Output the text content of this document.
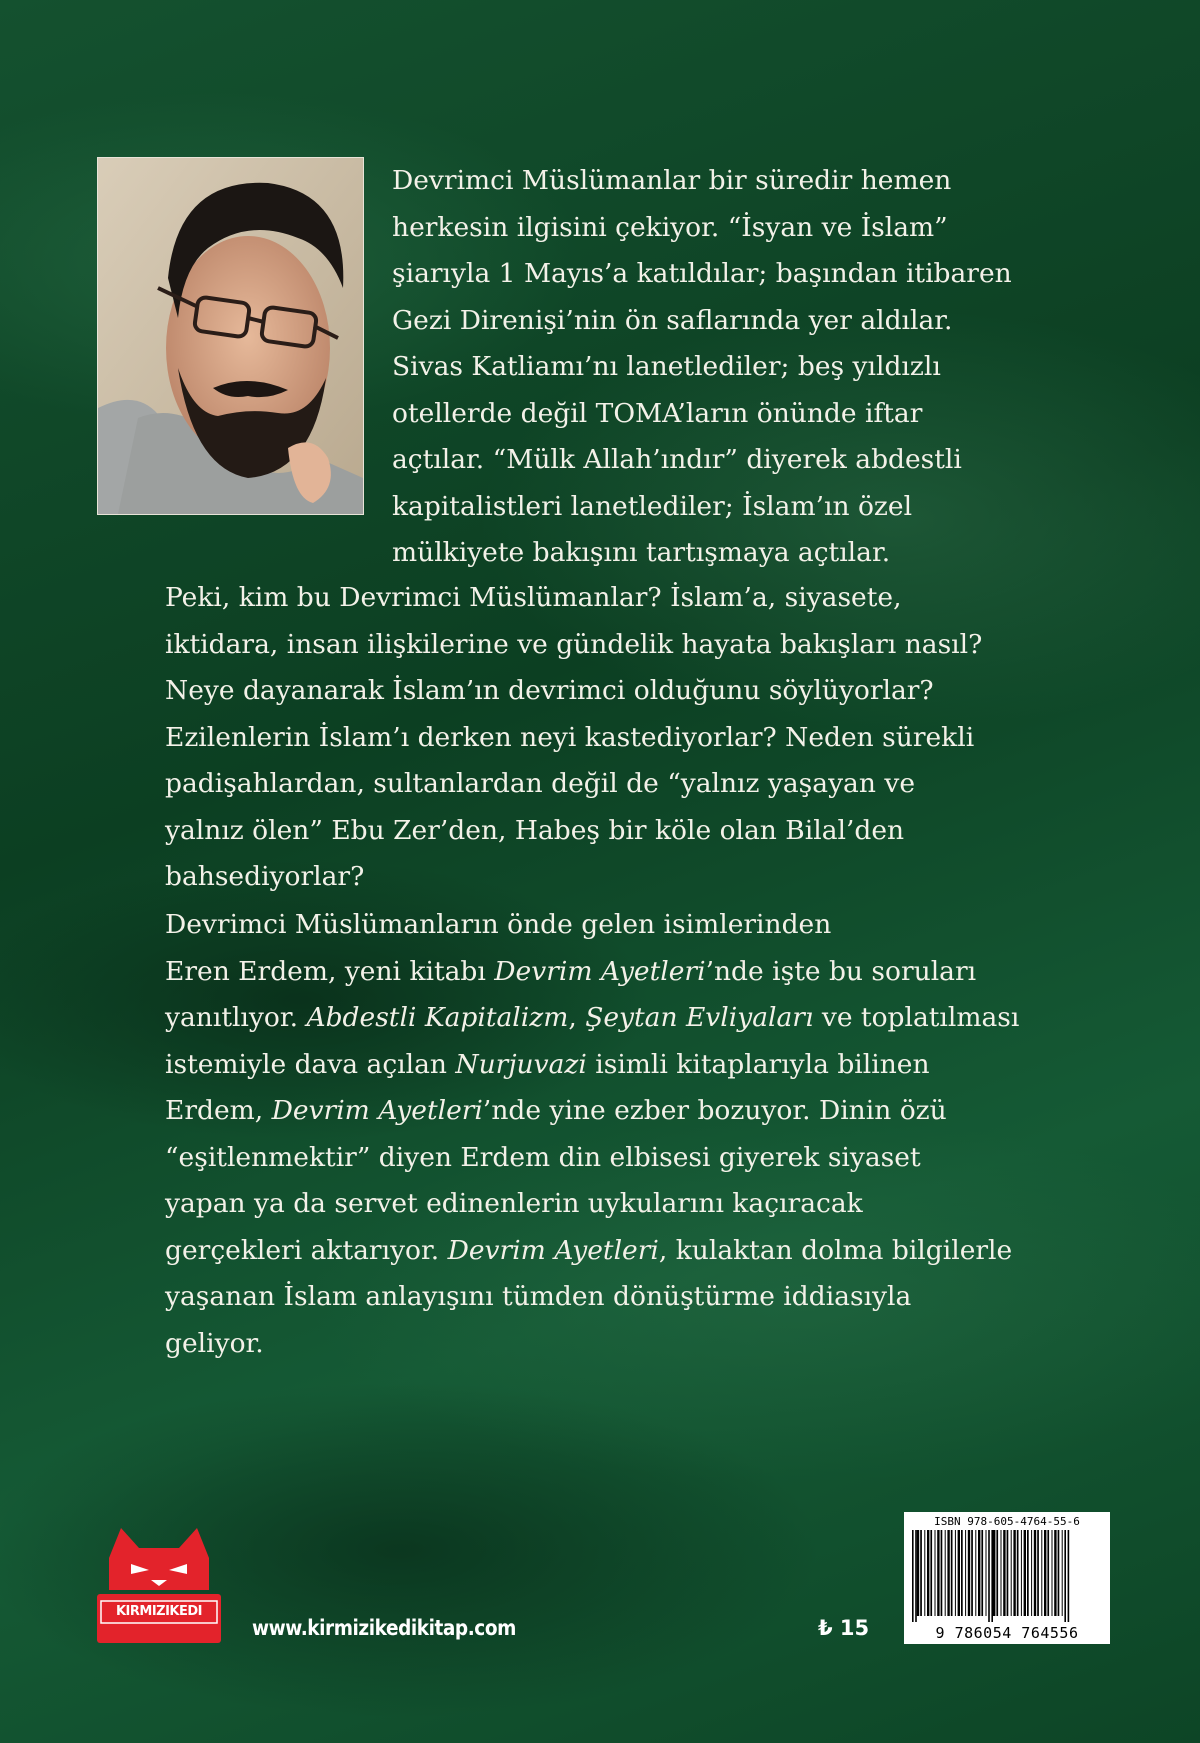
Devrimci Müslümanlar bir süredir hemen
herkesin ilgisini çekiyor. “İsyan ve İslam”
şiarıyla 1 Mayıs’a katıldılar; başından itibaren
Gezi Direnişi’nin ön saflarında yer aldılar.
Sivas Katliamı’nı lanetlediler; beş yıldızlı
otellerde değil TOMA’ların önünde iftar
açtılar. “Mülk Allah’ındır” diyerek abdestli
kapitalistleri lanetlediler; İslam’ın özel
mülkiyete bakışını tartışmaya açtılar.
Peki, kim bu Devrimci Müslümanlar? İslam’a, siyasete,
iktidara, insan ilişkilerine ve gündelik hayata bakışları nasıl?
Neye dayanarak İslam’ın devrimci olduğunu söylüyorlar?
Ezilenlerin İslam’ı derken neyi kastediyorlar? Neden sürekli
padişahlardan, sultanlardan değil de “yalnız yaşayan ve
yalnız ölen” Ebu Zer’den, Habeş bir köle olan Bilal’den
bahsediyorlar?
Devrimci Müslümanların önde gelen isimlerinden
Eren Erdem, yeni kitabı Devrim Ayetleri’nde işte bu soruları
yanıtlıyor. Abdestli Kapitalizm, Şeytan Evliyaları ve toplatılması
istemiyle dava açılan Nurjuvazi isimli kitaplarıyla bilinen
Erdem, Devrim Ayetleri’nde yine ezber bozuyor. Dinin özü
“eşitlenmektir” diyen Erdem din elbisesi giyerek siyaset
yapan ya da servet edinenlerin uykularını kaçıracak
gerçekleri aktarıyor. Devrim Ayetleri, kulaktan dolma bilgilerle
yaşanan İslam anlayışını tümden dönüştürme iddiasıyla
geliyor.
KIRMIZIKEDI
www.kirmizikedikitap.com	₺ 15
ISBN 978-605-4764-55-6
9 786054 764556
